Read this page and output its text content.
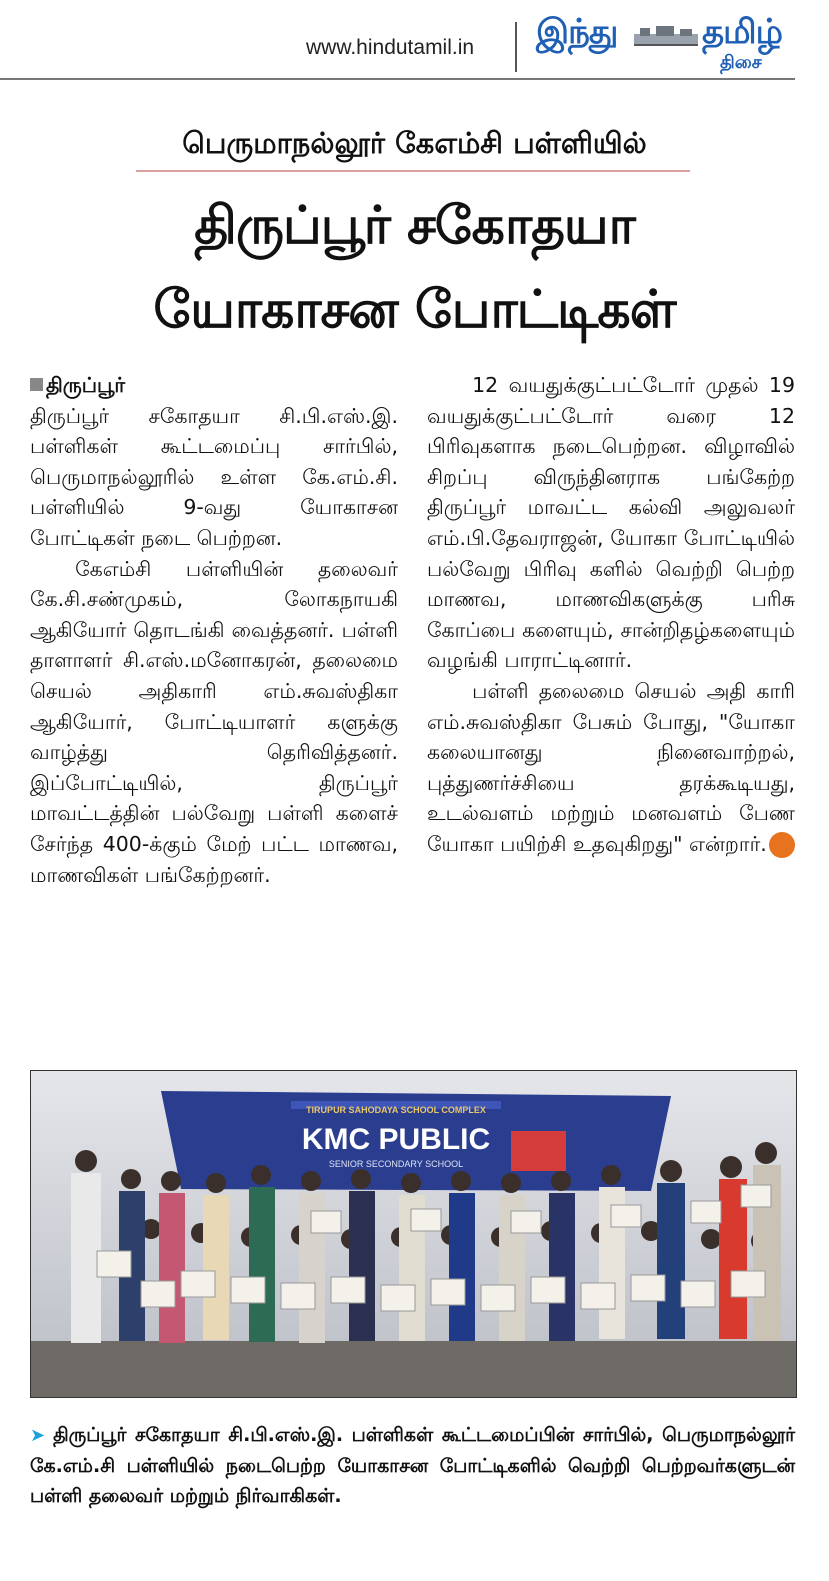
www.hindutamil.in இந்து தமிழ்
திசை
பெருமாநல்லூர் கேஎம்சி பள்ளியில்
திருப்பூர் சகோதயா
யோகாசன போட்டிகள்

திருப்பூர்

திருப்பூர் சகோதயா சி.பி.எஸ்.இ. பள்ளிகள் கூட்டமைப்பு சார்பில், பெருமாநல்லூரில் உள்ள கே.எம்.சி. பள்ளியில் 9-வது யோகாசன போட்டிகள் நடை பெற்றன.

கேஎம்சி பள்ளியின் தலைவர் கே.சி.சண்முகம், லோகநாயகி ஆகியோர் தொடங்கி வைத்தனர். பள்ளி தாளாளர் சி.எஸ்.மனோகரன், தலைமை செயல் அதிகாரி எம்.சுவஸ்திகா ஆகியோர், போட்டியாளர் களுக்கு வாழ்த்து தெரிவித்தனர். இப்போட்டியில், திருப்பூர் மாவட்டத்தின் பல்வேறு பள்ளி களைச் சேர்ந்த 400-க்கும் மேற் பட்ட மாணவ, மாணவிகள் பங்கேற்றனர்.

12 வயதுக்குட்பட்டோர் முதல் 19 வயதுக்குட்பட்டோர் வரை 12 பிரிவுகளாக நடைபெற்றன. விழாவில் சிறப்பு விருந்தினராக பங்கேற்ற திருப்பூர் மாவட்ட கல்வி அலுவலர் எம்.பி.தேவராஜன், யோகா போட்டியில் பல்வேறு பிரிவு களில் வெற்றி பெற்ற மாணவ, மாணவிகளுக்கு பரிசு கோப்பை களையும், சான்றிதழ்களையும் வழங்கி பாராட்டினார்.

பள்ளி தலைமை செயல் அதி காரி எம்.சுவஸ்திகா பேசும் போது, "யோகா கலையானது நினைவாற்றல், புத்துணர்ச்சியை தரக்கூடியது, உடல்வளம் மற்றும் மனவளம் பேண யோகா பயிற்சி உதவுகிறது" என்றார்.

TIRUPUR SAHODAYA SCHOOL COMPLEX
KMC PUBLIC
SENIOR SECONDARY SCHOOL
➤ திருப்பூர் சகோதயா சி.பி.எஸ்.இ. பள்ளிகள் கூட்டமைப்பின் சார்பில், பெருமாநல்லூர் கே.எம்.சி பள்ளியில் நடைபெற்ற யோகாசன போட்டிகளில் வெற்றி பெற்றவர்களுடன் பள்ளி தலைவர் மற்றும் நிர்வாகிகள்.
